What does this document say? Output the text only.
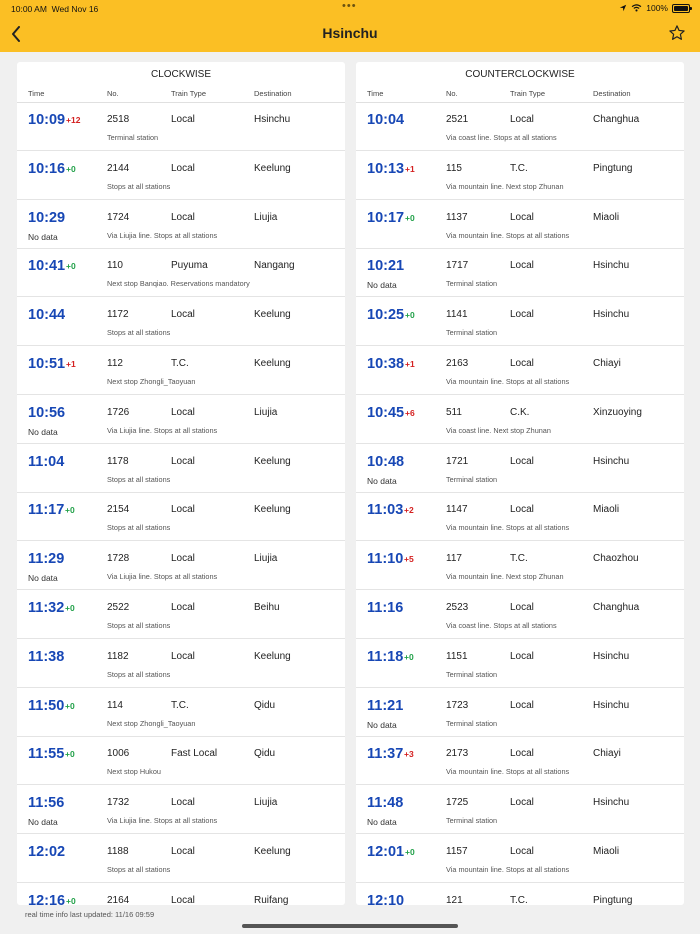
10:00 AM Wed Nov 16	•••	100%
Hsinchu
CLOCKWISE
Time	No.	Train Type	Destination
10:09	2518	Local	Hsinchu
+12
Terminal station
10:16	2144	Local	Keelung
+0
Stops at all stations
10:29	1724	Local	Liujia
No data	Via Liujia line. Stops at all stations
10:41	110	Puyuma	Nangang
+0
Next stop Banqiao. Reservations mandatory
10:44	1172	Local	Keelung
Stops at all stations
10:51	112	T.C.	Keelung
+1
Next stop Zhongli_Taoyuan
10:56	1726	Local	Liujia
No data	Via Liujia line. Stops at all stations
11:04	1178	Local	Keelung
Stops at all stations
11:17	2154	Local	Keelung
+0
Stops at all stations
11:29	1728	Local	Liujia
No data	Via Liujia line. Stops at all stations
11:32	2522	Local	Beihu
+0
Stops at all stations
11:38	1182	Local	Keelung
Stops at all stations
11:50	114	T.C.	Qidu
+0
Next stop Zhongli_Taoyuan
11:55	1006	Fast Local	Qidu
+0
Next stop Hukou
11:56	1732	Local	Liujia
No data	Via Liujia line. Stops at all stations
12:02	1188	Local	Keelung
Stops at all stations
12:16	2164	Local	Ruifang
+0
COUNTERCLOCKWISE
Time	No.	Train Type	Destination
10:04	2521	Local	Changhua
Via coast line. Stops at all stations
10:13	115	T.C.	Pingtung
+1
Via mountain line. Next stop Zhunan
10:17	1137	Local	Miaoli
+0
Via mountain line. Stops at all stations
10:21	1717	Local	Hsinchu
No data	Terminal station
10:25	1141	Local	Hsinchu
+0
Terminal station
10:38	2163	Local	Chiayi
+1
Via mountain line. Stops at all stations
10:45	511	C.K.	Xinzuoying
+6
Via coast line. Next stop Zhunan
10:48	1721	Local	Hsinchu
No data	Terminal station
11:03	1147	Local	Miaoli
+2
Via mountain line. Stops at all stations
11:10	117	T.C.	Chaozhou
+5
Via mountain line. Next stop Zhunan
11:16	2523	Local	Changhua
Via coast line. Stops at all stations
11:18	1151	Local	Hsinchu
+0
Terminal station
11:21	1723	Local	Hsinchu
No data	Terminal station
11:37	2173	Local	Chiayi
+3
Via mountain line. Stops at all stations
11:48	1725	Local	Hsinchu
No data	Terminal station
12:01	1157	Local	Miaoli
+0
Via mountain line. Stops at all stations
12:10	121	T.C.	Pingtung
real time info last updated: 11/16 09:59
